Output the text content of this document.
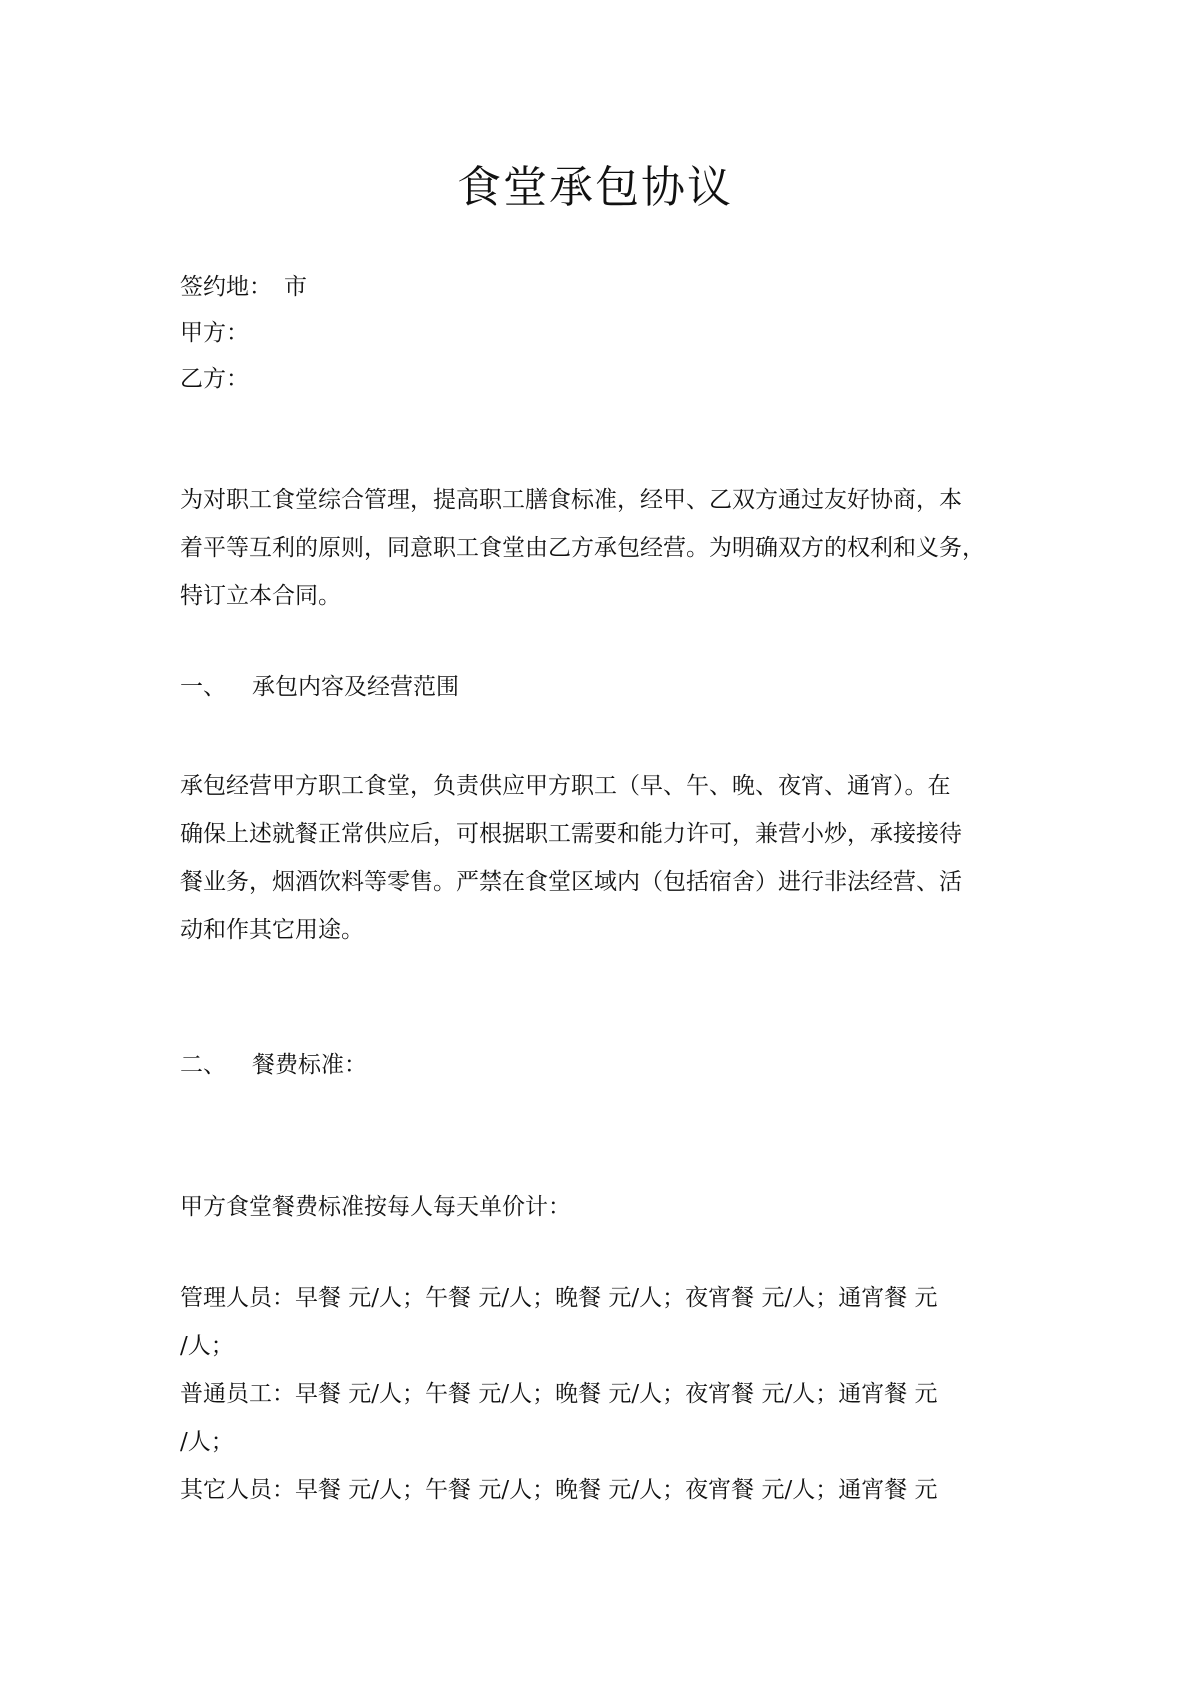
食堂承包协议
签约地： 市
甲方：
乙方：
为对职工食堂综合管理，提高职工膳食标准，经甲、乙双方通过友好协商，本
着平等互利的原则，同意职工食堂由乙方承包经营。为明确双方的权利和义务，
特订立本合同。
一、 承包内容及经营范围
承包经营甲方职工食堂，负责供应甲方职工（早、午、晚、夜宵、通宵）。在
确保上述就餐正常供应后，可根据职工需要和能力许可，兼营小炒，承接接待
餐业务，烟酒饮料等零售。严禁在食堂区域内（包括宿舍）进行非法经营、活
动和作其它用途。
二、 餐费标准：
甲方食堂餐费标准按每人每天单价计：
管理人员：早餐 元/人；午餐 元/人；晚餐 元/人；夜宵餐 元/人；通宵餐 元
/人；
普通员工：早餐 元/人；午餐 元/人；晚餐 元/人；夜宵餐 元/人；通宵餐 元
/人；
其它人员：早餐 元/人；午餐 元/人；晚餐 元/人；夜宵餐 元/人；通宵餐 元
